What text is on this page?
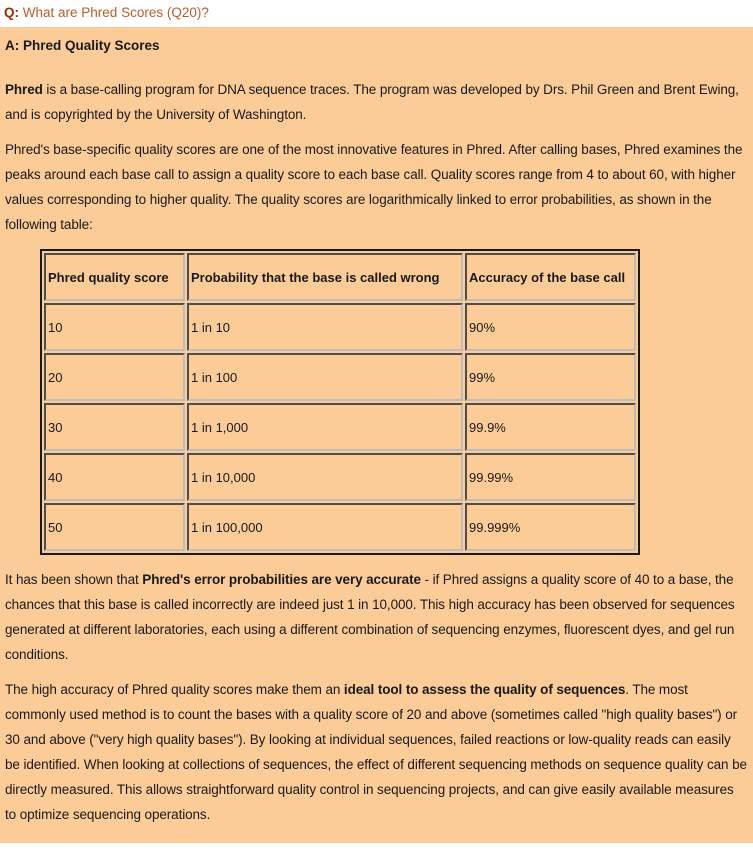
Q: What are Phred Scores (Q20)?
A: Phred Quality Scores

Phred is a base-calling program for DNA sequence traces. The program was developed by Drs. Phil Green and Brent Ewing, and is copyrighted by the University of Washington.

Phred's base-specific quality scores are one of the most innovative features in Phred. After calling bases, Phred examines the peaks around each base call to assign a quality score to each base call. Quality scores range from 4 to about 60, with higher values corresponding to higher quality. The quality scores are logarithmically linked to error probabilities, as shown in the following table:

Phred quality score	Probability that the base is called wrong	Accuracy of the base call
10	1 in 10	90%
20	1 in 100	99%
30	1 in 1,000	99.9%
40	1 in 10,000	99.99%
50	1 in 100,000	99.999%

It has been shown that Phred's error probabilities are very accurate - if Phred assigns a quality score of 40 to a base, the chances that this base is called incorrectly are indeed just 1 in 10,000. This high accuracy has been observed for sequences generated at different laboratories, each using a different combination of sequencing enzymes, fluorescent dyes, and gel run conditions.

The high accuracy of Phred quality scores make them an ideal tool to assess the quality of sequences. The most commonly used method is to count the bases with a quality score of 20 and above (sometimes called "high quality bases") or 30 and above ("very high quality bases"). By looking at individual sequences, failed reactions or low-quality reads can easily be identified. When looking at collections of sequences, the effect of different sequencing methods on sequence quality can be directly measured. This allows straightforward quality control in sequencing projects, and can give easily available measures to optimize sequencing operations.
